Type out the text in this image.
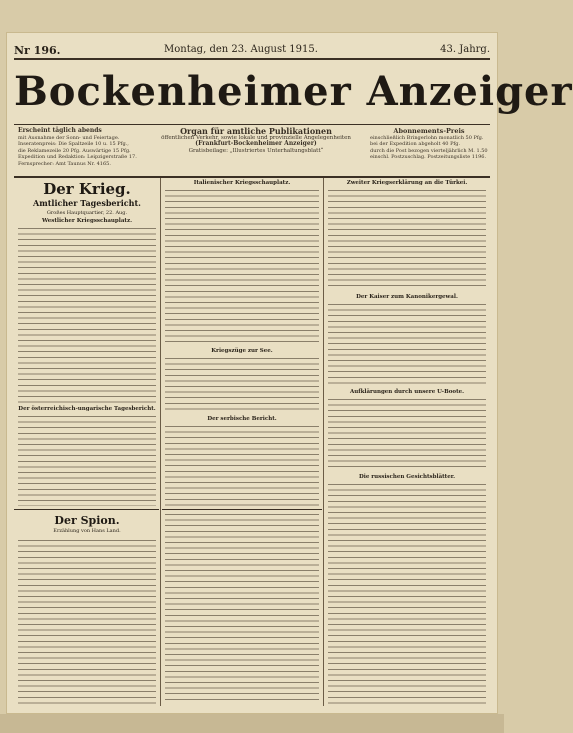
Nr 196.	Montag, den 23. August 1915.	43. Jahrg.
Bockenheimer Anzeiger
Erscheint täglich abends
mit Ausnahme der Sonn- und Feiertage.
Inseratenpreis: Die Spaltzeile 10 u. 15 Pfg.,
die Reklamezeile 20 Pfg. Auswärtige 15 Pfg.
Expedition und Redaktion: Leipzigerstraße 17.
Fernsprecher: Amt Taunus Nr. 4165.
Organ für amtliche Publikationen
öffentlichen Verkehr, sowie lokale und provinzielle Angelegenheiten
(Frankfurt-Bockenheimer Anzeiger)
Gratisbeilage: „Illustriertes Unterhaltungsblatt“
Abonnements-Preis
einschließlich Bringerlohn monatlich 50 Pfg.
bei der Expedition abgeholt 40 Pfg.
durch die Post bezogen vierteljährlich M. 1.50
einschl. Postzuschlag. Postzeitungsliste 1196.
Der Krieg.
Amtlicher Tagesbericht.
Großes Hauptquartier, 22. Aug.
Westlicher Kriegsschauplatz.
Der österreichisch-ungarische Tagesbericht.
Der Spion.
Erzählung von Hans Land.
Italienischer Kriegsschauplatz.
Kriegszüge zur See.
Der serbische Bericht.
Zweiter Kriegserklärung an die Türkei.
Der Kaiser zum Kanonikergewal.
Aufklärungen durch unsere U-Boote.
Die russischen Gesichtsblätter.
